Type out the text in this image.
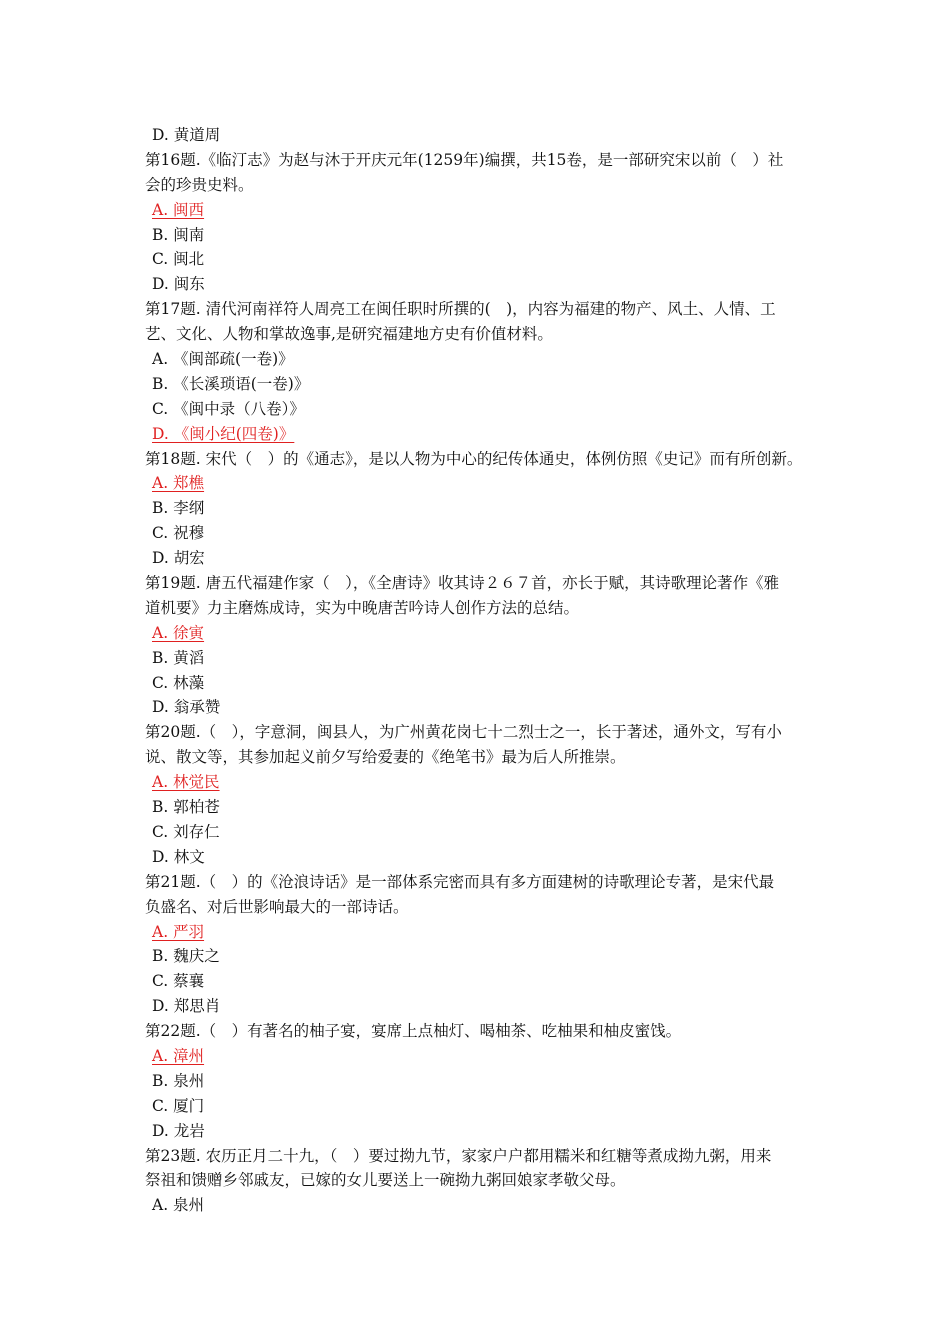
D. 黄道周
第16题.《临汀志》为赵与沐于开庆元年(1259年)编撰，共15卷，是一部研究宋以前（　）社
会的珍贵史料。
A. 闽西
B. 闽南
C. 闽北
D. 闽东
第17题. 清代河南祥符人周亮工在闽任职时所撰的(　)，内容为福建的物产、风土、人情、工
艺、文化、人物和掌故逸事,是研究福建地方史有价值材料。
A. 《闽部疏(一卷)》
B. 《长溪琐语(一卷)》
C. 《闽中录（八卷）》
D. 《闽小纪(四卷)》
第18题. 宋代（　）的《通志》，是以人物为中心的纪传体通史，体例仿照《史记》而有所创新。
A. 郑樵
B. 李纲
C. 祝穆
D. 胡宏
第19题. 唐五代福建作家（　），《全唐诗》收其诗２６７首，亦长于赋，其诗歌理论著作《雅
道机要》力主磨炼成诗，实为中晚唐苦吟诗人创作方法的总结。
A. 徐寅
B. 黄滔
C. 林藻
D. 翁承赞
第20题.（　），字意洞，闽县人，为广州黄花岗七十二烈士之一，长于著述，通外文，写有小
说、散文等，其参加起义前夕写给爱妻的《绝笔书》最为后人所推崇。
A. 林觉民
B. 郭柏苍
C. 刘存仁
D. 林文
第21题.（　）的《沧浪诗话》是一部体系完密而具有多方面建树的诗歌理论专著，是宋代最
负盛名、对后世影响最大的一部诗话。
A. 严羽
B. 魏庆之
C. 蔡襄
D. 郑思肖
第22题.（　）有著名的柚子宴，宴席上点柚灯、喝柚茶、吃柚果和柚皮蜜饯。
A. 漳州
B. 泉州
C. 厦门
D. 龙岩
第23题. 农历正月二十九，（　）要过拗九节，家家户户都用糯米和红糖等煮成拗九粥，用来
祭祖和馈赠乡邻戚友，已嫁的女儿要送上一碗拗九粥回娘家孝敬父母。
A. 泉州
